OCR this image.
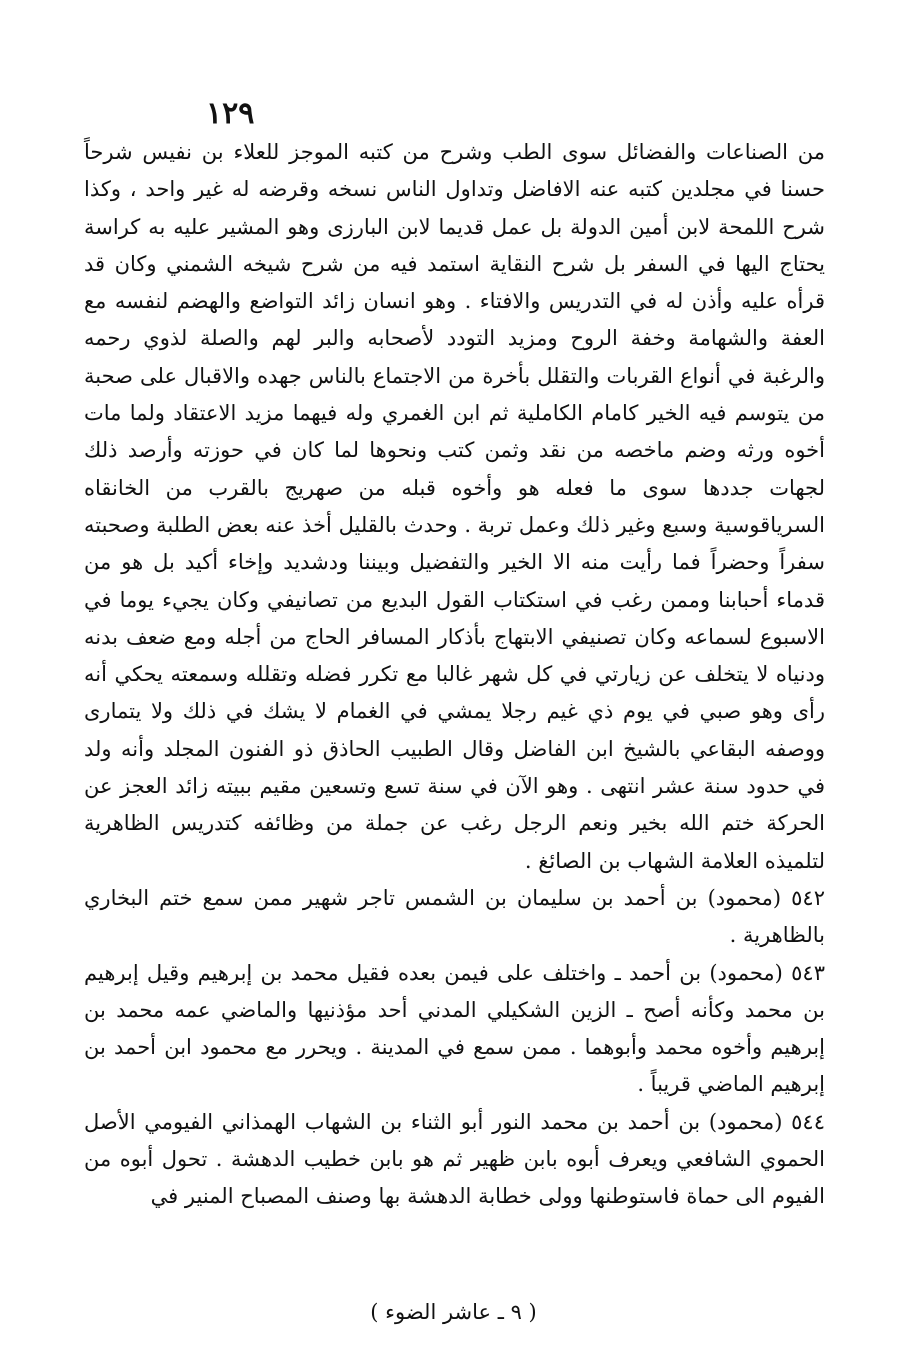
١٢٩

من الصناعات والفضائل سوى الطب وشرح من كتبه الموجز للعلاء بن نفيس شرحاً حسنا في مجلدين كتبه عنه الافاضل وتداول الناس نسخه وقرضه له غير واحد ، وكذا شرح اللمحة لابن أمين الدولة بل عمل قديما لابن البارزى وهو المشير عليه به كراسة يحتاج اليها في السفر بل شرح النقاية استمد فيه من شرح شيخه الشمني وكان قد قرأه عليه وأذن له في التدريس والافتاء . وهو انسان زائد التواضع والهضم لنفسه مع العفة والشهامة وخفة الروح ومزيد التودد لأصحابه والبر لهم والصلة لذوي رحمه والرغبة في أنواع القربات والتقلل بأخرة من الاجتماع بالناس جهده والاقبال على صحبة من يتوسم فيه الخير كامام الكاملية ثم ابن الغمري وله فيهما مزيد الاعتقاد ولما مات أخوه ورثه وضم ماخصه من نقد وثمن كتب ونحوها لما كان في حوزته وأرصد ذلك لجهات جددها سوى ما فعله هو وأخوه قبله من صهريج بالقرب من الخانقاه السرياقوسية وسبع وغير ذلك وعمل تربة . وحدث بالقليل أخذ عنه بعض الطلبة وصحبته سفراً وحضراً فما رأيت منه الا الخير والتفضيل وبيننا ودشديد وإخاء أكيد بل هو من قدماء أحبابنا وممن رغب في استكتاب القول البديع من تصانيفي وكان يجيء يوما في الاسبوع لسماعه وكان تصنيفي الابتهاج بأذكار المسافر الحاج من أجله ومع ضعف بدنه ودنياه لا يتخلف عن زيارتي في كل شهر غالبا مع تكرر فضله وتقلله وسمعته يحكي أنه رأى وهو صبي في يوم ذي غيم رجلا يمشي في الغمام لا يشك في ذلك ولا يتمارى ووصفه البقاعي بالشيخ ابن الفاضل وقال الطبيب الحاذق ذو الفنون المجلد وأنه ولد في حدود سنة عشر انتهى . وهو الآن في سنة تسع وتسعين مقيم ببيته زائد العجز عن الحركة ختم الله بخير ونعم الرجل رغب عن جملة من وظائفه كتدريس الظاهرية لتلميذه العلامة الشهاب بن الصائغ .

٥٤٢ (محمود) بن أحمد بن سليمان بن الشمس تاجر شهير ممن سمع ختم البخاري بالظاهرية .

٥٤٣ (محمود) بن أحمد ـ واختلف على فيمن بعده فقيل محمد بن إبرهيم وقيل إبرهيم بن محمد وكأنه أصح ـ الزين الشكيلي المدني أحد مؤذنيها والماضي عمه محمد بن إبرهيم وأخوه محمد وأبوهما . ممن سمع في المدينة . ويحرر مع محمود ابن أحمد بن إبرهيم الماضي قريباً .

٥٤٤ (محمود) بن أحمد بن محمد النور أبو الثناء بن الشهاب الهمذاني الفيومي الأصل الحموي الشافعي ويعرف أبوه بابن ظهير ثم هو بابن خطيب الدهشة . تحول أبوه من الفيوم الى حماة فاستوطنها وولى خطابة الدهشة بها وصنف المصباح المنير في

( ٩ ـ عاشر الضوء )
